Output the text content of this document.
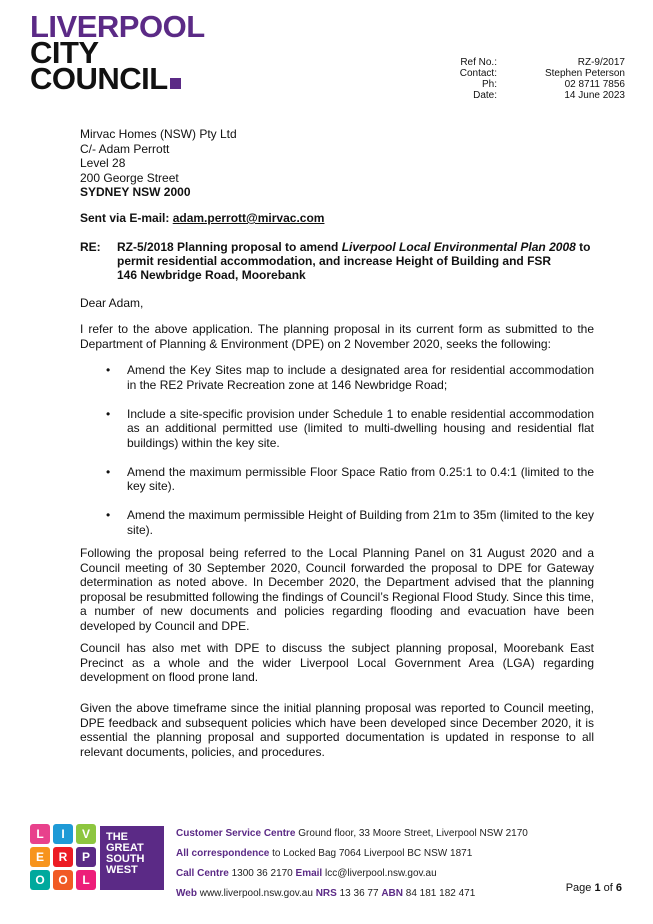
LIVERPOOL
CITY
COUNCIL	Ref No.:	RZ-9/2017
Contact:	Stephen Peterson
Ph:	02 8711 7856
Date:	14 June 2023
Mirvac Homes (NSW) Pty Ltd
C/- Adam Perrott
Level 28
200 George Street
SYDNEY NSW 2000
Sent via E-mail: adam.perrott@mirvac.com
RE: RZ-5/2018 Planning proposal to amend Liverpool Local Environmental Plan 2008 to permit residential accommodation, and increase Height of Building and FSR
146 Newbridge Road, Moorebank
Dear Adam,
I refer to the above application. The planning proposal in its current form as submitted to the Department of Planning & Environment (DPE) on 2 November 2020, seeks the following:
• Amend the Key Sites map to include a designated area for residential accommodation in the RE2 Private Recreation zone at 146 Newbridge Road;
• Include a site-specific provision under Schedule 1 to enable residential accommodation as an additional permitted use (limited to multi-dwelling housing and residential flat buildings) within the key site.
• Amend the maximum permissible Floor Space Ratio from 0.25:1 to 0.4:1 (limited to the key site).
• Amend the maximum permissible Height of Building from 21m to 35m (limited to the key site).
Following the proposal being referred to the Local Planning Panel on 31 August 2020 and a Council meeting of 30 September 2020, Council forwarded the proposal to DPE for Gateway determination as noted above. In December 2020, the Department advised that the planning proposal be resubmitted following the findings of Council’s Regional Flood Study. Since this time, a number of new documents and policies regarding flooding and evacuation have been developed by Council and DPE.
Council has also met with DPE to discuss the subject planning proposal, Moorebank East Precinct as a whole and the wider Liverpool Local Government Area (LGA) regarding development on flood prone land.
Given the above timeframe since the initial planning proposal was reported to Council meeting, DPE feedback and subsequent policies which have been developed since December 2020, it is essential the planning proposal and supported documentation is updated in response to all relevant documents, policies, and procedures.
L	I	V
E	R	P
O	O	L
THE
GREAT
SOUTH
WEST
Customer Service Centre Ground floor, 33 Moore Street, Liverpool NSW 2170
All correspondence to Locked Bag 7064 Liverpool BC NSW 1871
Call Centre 1300 36 2170 Email lcc@liverpool.nsw.gov.au
Web www.liverpool.nsw.gov.au NRS 13 36 77 ABN 84 181 182 471	Page 1 of 6
